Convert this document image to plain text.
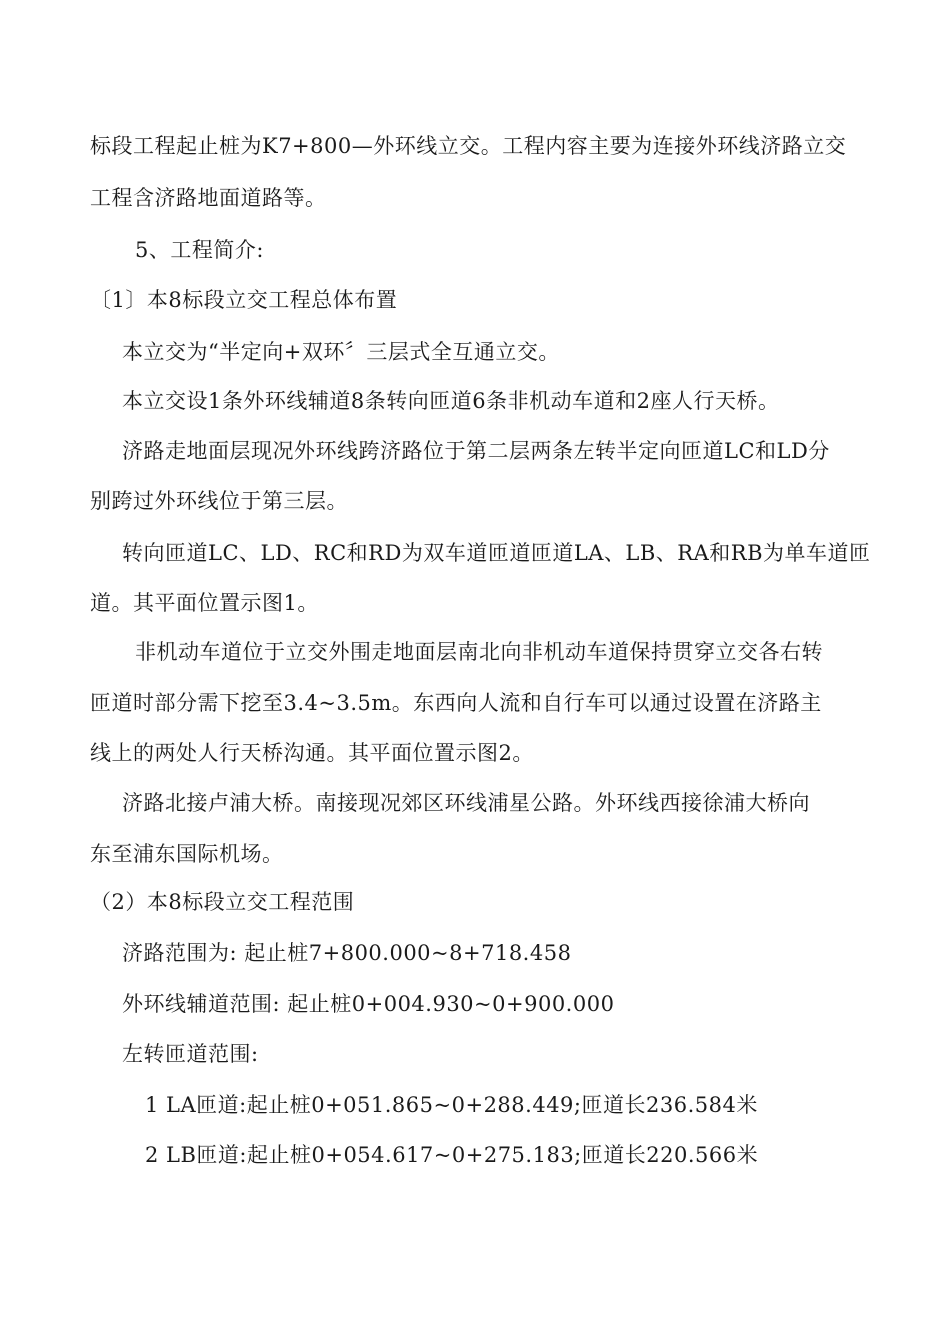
标段工程起止桩为K7+800—外环线立交。工程内容主要为连接外环线济路立交
工程含济路地面道路等。
5、工程简介:
〔1〕本8标段立交工程总体布置
本立交为“半定向+双环〞三层式全互通立交。
本立交设1条外环线辅道8条转向匝道6条非机动车道和2座人行天桥。
济路走地面层现况外环线跨济路位于第二层两条左转半定向匝道LC和LD分
别跨过外环线位于第三层。
转向匝道LC、LD、RC和RD为双车道匝道匝道LA、LB、RA和RB为单车道匝
道。其平面位置示图1。
非机动车道位于立交外围走地面层南北向非机动车道保持贯穿立交各右转
匝道时部分需下挖至3.4~3.5m。东西向人流和自行车可以通过设置在济路主
线上的两处人行天桥沟通。其平面位置示图2。
济路北接卢浦大桥。南接现况郊区环线浦星公路。外环线西接徐浦大桥向
东至浦东国际机场。
（2）本8标段立交工程范围
济路范围为: 起止桩7+800.000~8+718.458
外环线辅道范围: 起止桩0+004.930~0+900.000
左转匝道范围:
1 LA匝道:起止桩0+051.865~0+288.449;匝道长236.584米
2 LB匝道:起止桩0+054.617~0+275.183;匝道长220.566米
